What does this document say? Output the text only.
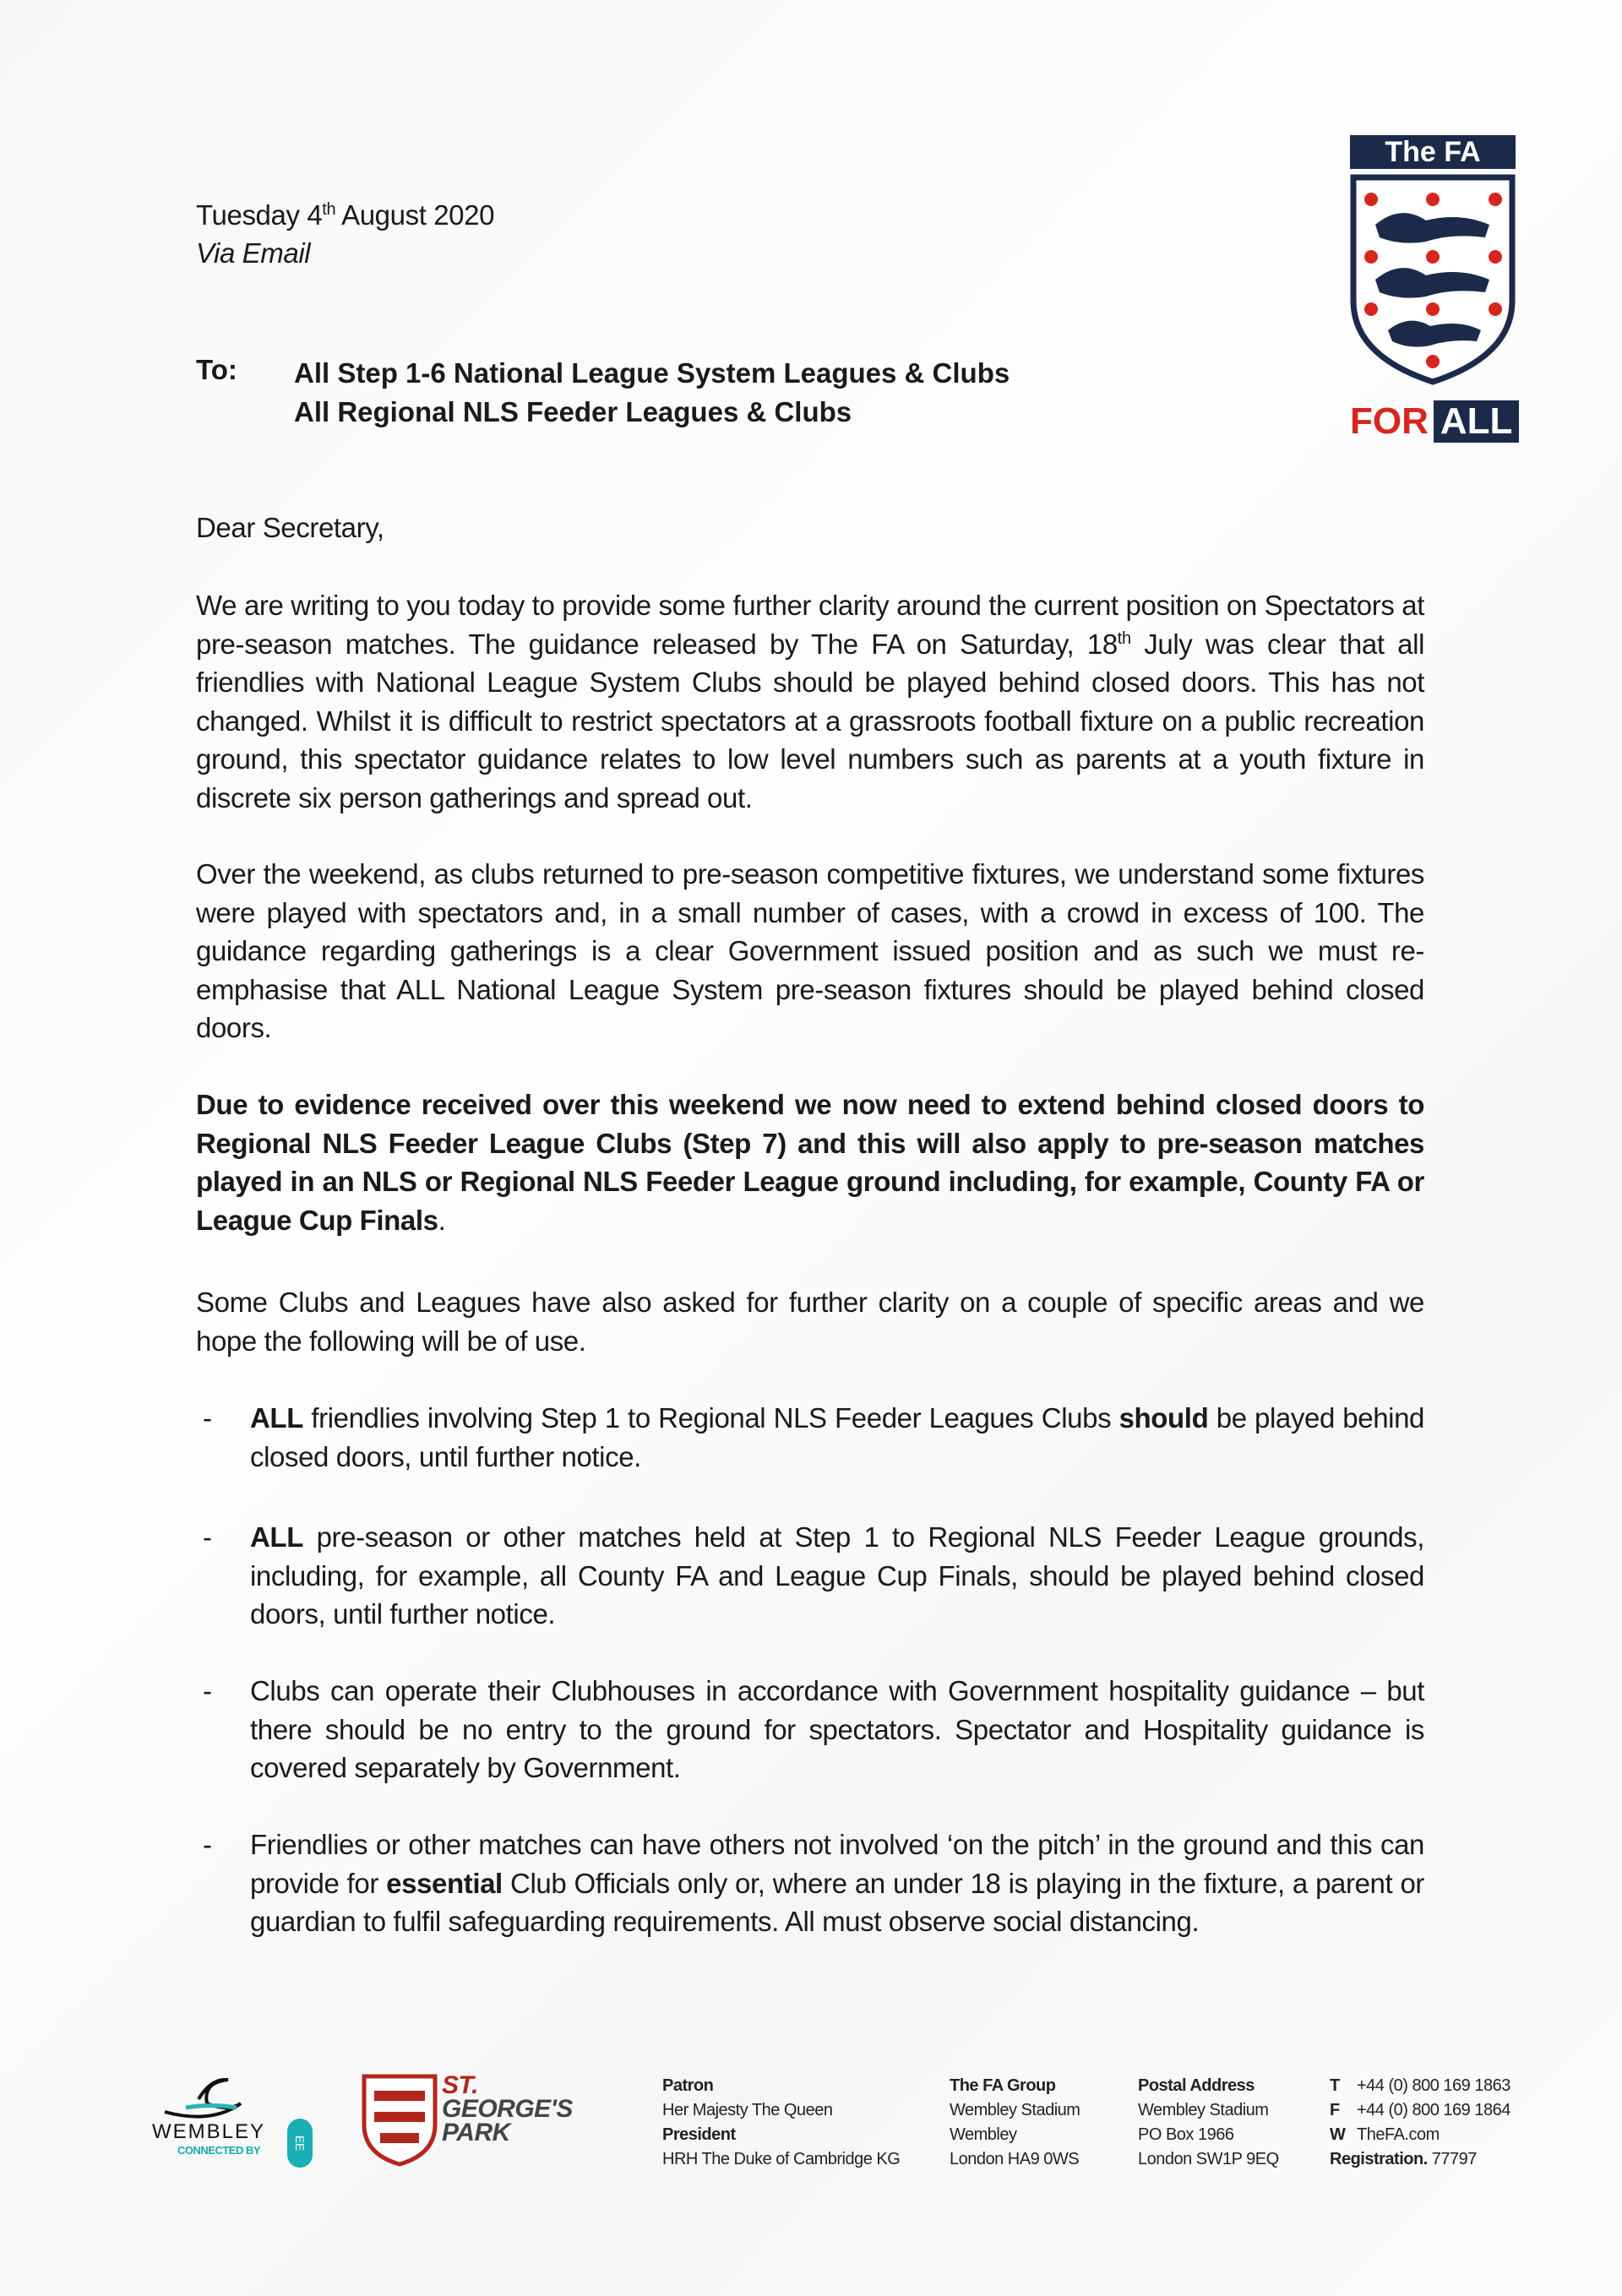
Tuesday 4th August 2020
Via Email
To: All Step 1-6 National League System Leagues & Clubs
All Regional NLS Feeder Leagues & Clubs
The FA
FOR ALL
Dear Secretary,
We are writing to you today to provide some further clarity around the current position on Spectators at pre-season matches. The guidance released by The FA on Saturday, 18th July was clear that all friendlies with National League System Clubs should be played behind closed doors. This has not changed. Whilst it is difficult to restrict spectators at a grassroots football fixture on a public recreation ground, this spectator guidance relates to low level numbers such as parents at a youth fixture in discrete six person gatherings and spread out.
Over the weekend, as clubs returned to pre-season competitive fixtures, we understand some fixtures were played with spectators and, in a small number of cases, with a crowd in excess of 100. The guidance regarding gatherings is a clear Government issued position and as such we must re-emphasise that ALL National League System pre-season fixtures should be played behind closed doors.
Due to evidence received over this weekend we now need to extend behind closed doors to Regional NLS Feeder League Clubs (Step 7) and this will also apply to pre-season matches played in an NLS or Regional NLS Feeder League ground including, for example, County FA or League Cup Finals.
Some Clubs and Leagues have also asked for further clarity on a couple of specific areas and we hope the following will be of use.
- ALL friendlies involving Step 1 to Regional NLS Feeder Leagues Clubs should be played behind closed doors, until further notice.
- ALL pre-season or other matches held at Step 1 to Regional NLS Feeder League grounds, including, for example, all County FA and League Cup Finals, should be played behind closed doors, until further notice.
- Clubs can operate their Clubhouses in accordance with Government hospitality guidance – but there should be no entry to the ground for spectators. Spectator and Hospitality guidance is covered separately by Government.
- Friendlies or other matches can have others not involved ‘on the pitch’ in the ground and this can provide for essential Club Officials only or, where an under 18 is playing in the fixture, a parent or guardian to fulfil safeguarding requirements. All must observe social distancing.
WEMBLEY
CONNECTED BY	EE
ST.
GEORGE'S
PARK
Patron
Her Majesty The Queen
President
HRH The Duke of Cambridge KG
The FA Group
Wembley Stadium
Wembley
London HA9 0WS
Postal Address
Wembley Stadium
PO Box 1966
London SW1P 9EQ
T +44 (0) 800 169 1863
F +44 (0) 800 169 1864
W TheFA.com
Registration. 77797
